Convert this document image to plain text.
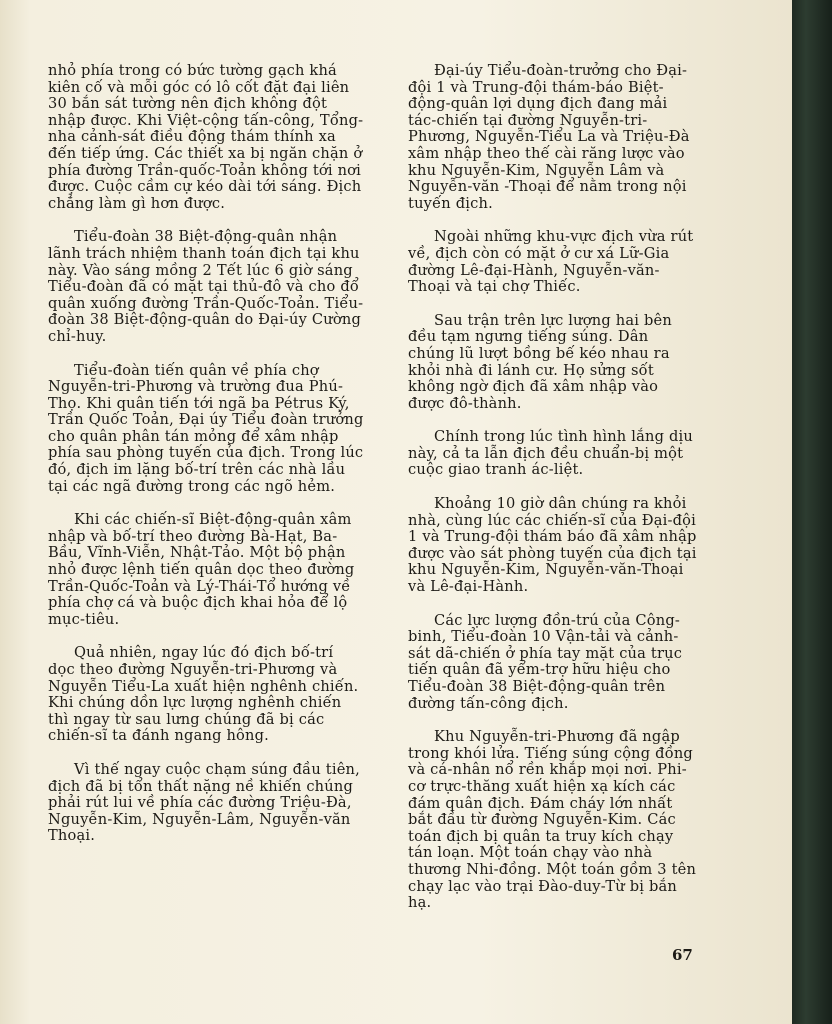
nhỏ phía trong có bức tường gạch khá kiên cố và mỗi góc có lô cốt đặt đại liên 30 bắn sát tường nên địch không đột nhập được. Khi Việt-cộng tấn-công, Tổng-nha cảnh-sát điều động thám thính xa đến tiếp ứng. Các thiết xa bị ngăn chặn ở phía đường Trần-quốc-Toản không tới nơi được. Cuộc cầm cự kéo dài tới sáng. Địch chẳng làm gì hơn được.

Tiểu-đoàn 38 Biệt-động-quân nhận lãnh trách nhiệm thanh toán địch tại khu này. Vào sáng mồng 2 Tết lúc 6 giờ sáng Tiểu-đoàn đã có mặt tại thủ-đô và cho đổ quân xuống đường Trần-Quốc-Toản. Tiểu-đoàn 38 Biệt-động-quân do Đại-úy Cường chỉ-huy.

Tiểu-đoàn tiến quân về phía chợ Nguyễn-tri-Phương và trường đua Phú-Thọ. Khi quân tiến tới ngã ba Pétrus Ký, Trần Quốc Toản, Đại úy Tiểu đoàn trưởng cho quân phân tán mỏng để xâm nhập phía sau phòng tuyến của địch. Trong lúc đó, địch im lặng bố-trí trên các nhà lầu tại các ngã đường trong các ngõ hẻm.

Khi các chiến-sĩ Biệt-động-quân xâm nhập và bố-trí theo đường Bà-Hạt, Ba-Bầu, Vĩnh-Viễn, Nhật-Tảo. Một bộ phận nhỏ được lệnh tiến quân dọc theo đường Trần-Quốc-Toản và Lý-Thái-Tổ hướng về phía chợ cá và buộc địch khai hỏa để lộ mục-tiêu.

Quả nhiên, ngay lúc đó địch bố-trí dọc theo đường Nguyễn-tri-Phương và Nguyễn Tiểu-La xuất hiện nghênh chiến. Khi chúng dồn lực lượng nghênh chiến thì ngay từ sau lưng chúng đã bị các chiến-sĩ ta đánh ngang hông.

Vì thế ngay cuộc chạm súng đầu tiên, địch đã bị tổn thất nặng nề khiến chúng phải rút lui về phía các đường Triệu-Đà, Nguyễn-Kim, Nguyễn-Lâm, Nguyễn-văn Thoại.

Đại-úy Tiểu-đoàn-trưởng cho Đại-đội 1 và Trung-đội thám-báo Biệt-động-quân lợi dụng địch đang mải tác-chiến tại đường Nguyễn-tri-Phương, Nguyễn-Tiểu La và Triệu-Đà xâm nhập theo thế cài răng lược vào khu Nguyễn-Kim, Nguyễn Lâm và Nguyễn-văn -Thoại để nằm trong nội tuyến địch.

Ngoài những khu-vực địch vừa rút về, địch còn có mặt ở cư xá Lữ-Gia đường Lê-đại-Hành, Nguyễn-văn-Thoại và tại chợ Thiếc.

Sau trận trên lực lượng hai bên đều tạm ngưng tiếng súng. Dân chúng lũ lượt bồng bế kéo nhau ra khỏi nhà đi lánh cư. Họ sửng sốt không ngờ địch đã xâm nhập vào được đô-thành.

Chính trong lúc tình hình lắng dịu này, cả ta lẫn địch đều chuẩn-bị một cuộc giao tranh ác-liệt.

Khoảng 10 giờ dân chúng ra khỏi nhà, cùng lúc các chiến-sĩ của Đại-đội 1 và Trung-đội thám báo đã xâm nhập được vào sát phòng tuyến của địch tại khu Nguyễn-Kim, Nguyễn-văn-Thoại và Lê-đại-Hành.

Các lực lượng đồn-trú của Công-binh, Tiểu-đoàn 10 Vận-tải và cảnh-sát dã-chiến ở phía tay mặt của trục tiến quân đã yểm-trợ hữu hiệu cho Tiểu-đoàn 38 Biệt-động-quân trên đường tấn-công địch.

Khu Nguyễn-tri-Phương đã ngập trong khói lửa. Tiếng súng cộng đồng và cá-nhân nổ rền khắp mọi nơi. Phi-cơ trực-thăng xuất hiện xạ kích các đám quân địch. Đám cháy lớn nhất bắt đầu từ đường Nguyễn-Kim. Các toán địch bị quân ta truy kích chạy tán loạn. Một toán chạy vào nhà thương Nhi-đồng. Một toán gồm 3 tên chạy lạc vào trại Đào-duy-Từ bị bắn hạ.

67
